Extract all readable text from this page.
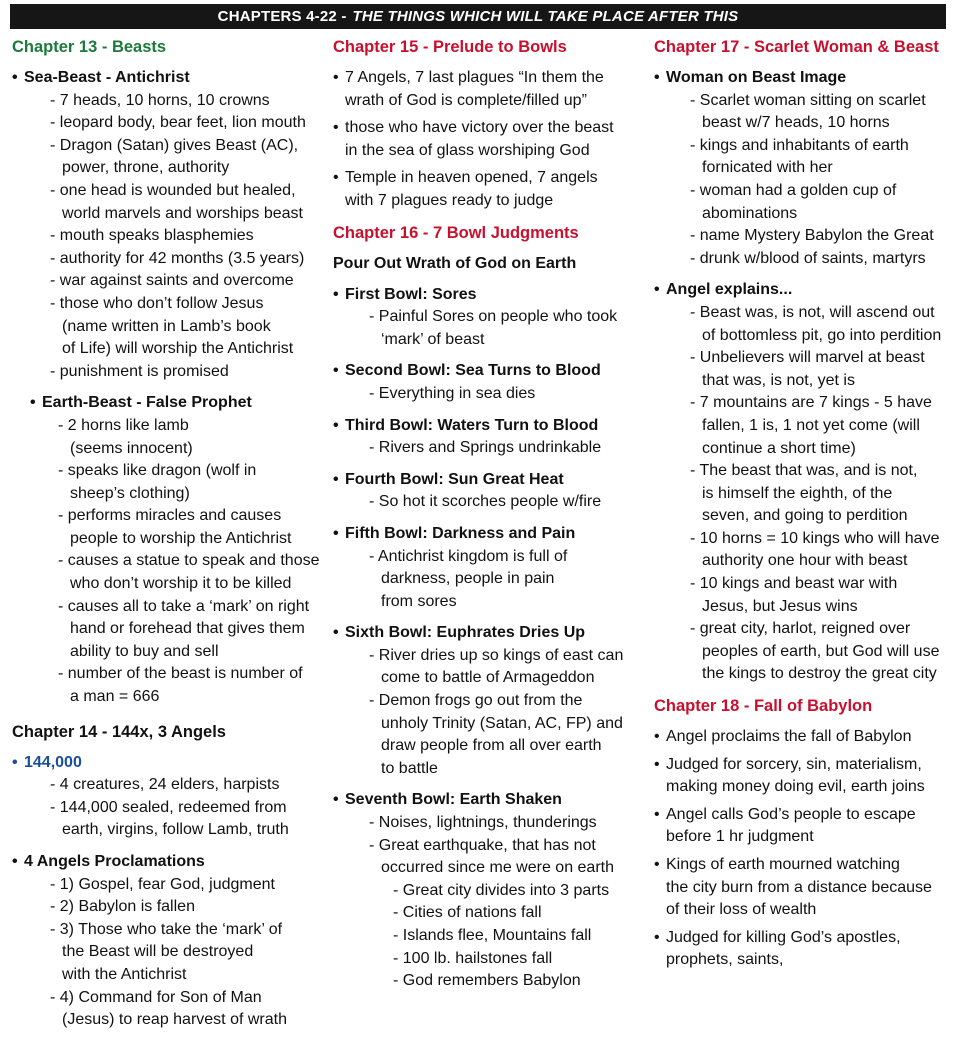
CHAPTERS 4-22 - THE THINGS WHICH WILL TAKE PLACE AFTER THIS
Chapter 13 - Beasts
• Sea-Beast - Antichrist
- 7 heads, 10 horns, 10 crowns
- leopard body, bear feet, lion mouth
- Dragon (Satan) gives Beast (AC),
power, throne, authority
- one head is wounded but healed,
world marvels and worships beast
- mouth speaks blasphemies
- authority for 42 months (3.5 years)
- war against saints and overcome
- those who don’t follow Jesus
(name written in Lamb’s book
of Life) will worship the Antichrist
- punishment is promised
• Earth-Beast - False Prophet
- 2 horns like lamb
(seems innocent)
- speaks like dragon (wolf in
sheep’s clothing)
- performs miracles and causes
people to worship the Antichrist
- causes a statue to speak and those
who don’t worship it to be killed
- causes all to take a ‘mark’ on right
hand or forehead that gives them
ability to buy and sell
- number of the beast is number of
a man = 666
Chapter 14 - 144x, 3 Angels
• 144,000
- 4 creatures, 24 elders, harpists
- 144,000 sealed, redeemed from
earth, virgins, follow Lamb, truth
• 4 Angels Proclamations
- 1) Gospel, fear God, judgment
- 2) Babylon is fallen
- 3) Those who take the ‘mark’ of
the Beast will be destroyed
with the Antichrist
- 4) Command for Son of Man
(Jesus) to reap harvest of wrath
Chapter 15 - Prelude to Bowls
• 7 Angels, 7 last plagues “In them the
wrath of God is complete/filled up”
• those who have victory over the beast
in the sea of glass worshiping God
• Temple in heaven opened, 7 angels
with 7 plagues ready to judge
Chapter 16 - 7 Bowl Judgments
Pour Out Wrath of God on Earth
• First Bowl: Sores
- Painful Sores on people who took
‘mark’ of beast
• Second Bowl: Sea Turns to Blood
- Everything in sea dies
• Third Bowl: Waters Turn to Blood
- Rivers and Springs undrinkable
• Fourth Bowl: Sun Great Heat
- So hot it scorches people w/fire
• Fifth Bowl: Darkness and Pain
- Antichrist kingdom is full of
darkness, people in pain
from sores
• Sixth Bowl: Euphrates Dries Up
- River dries up so kings of east can
come to battle of Armageddon
- Demon frogs go out from the
unholy Trinity (Satan, AC, FP) and
draw people from all over earth
to battle
• Seventh Bowl: Earth Shaken
- Noises, lightnings, thunderings
- Great earthquake, that has not
occurred since me were on earth
- Great city divides into 3 parts
- Cities of nations fall
- Islands flee, Mountains fall
- 100 lb. hailstones fall
- God remembers Babylon
Chapter 17 - Scarlet Woman & Beast
• Woman on Beast Image
- Scarlet woman sitting on scarlet
beast w/7 heads, 10 horns
- kings and inhabitants of earth
fornicated with her
- woman had a golden cup of
abominations
- name Mystery Babylon the Great
- drunk w/blood of saints, martyrs
• Angel explains...
- Beast was, is not, will ascend out
of bottomless pit, go into perdition
- Unbelievers will marvel at beast
that was, is not, yet is
- 7 mountains are 7 kings - 5 have
fallen, 1 is, 1 not yet come (will
continue a short time)
- The beast that was, and is not,
is himself the eighth, of the
seven, and going to perdition
- 10 horns = 10 kings who will have
authority one hour with beast
- 10 kings and beast war with
Jesus, but Jesus wins
- great city, harlot, reigned over
peoples of earth, but God will use
the kings to destroy the great city
Chapter 18 - Fall of Babylon
• Angel proclaims the fall of Babylon
• Judged for sorcery, sin, materialism,
making money doing evil, earth joins
• Angel calls God’s people to escape
before 1 hr judgment
• Kings of earth mourned watching
the city burn from a distance because
of their loss of wealth
• Judged for killing God’s apostles,
prophets, saints,
